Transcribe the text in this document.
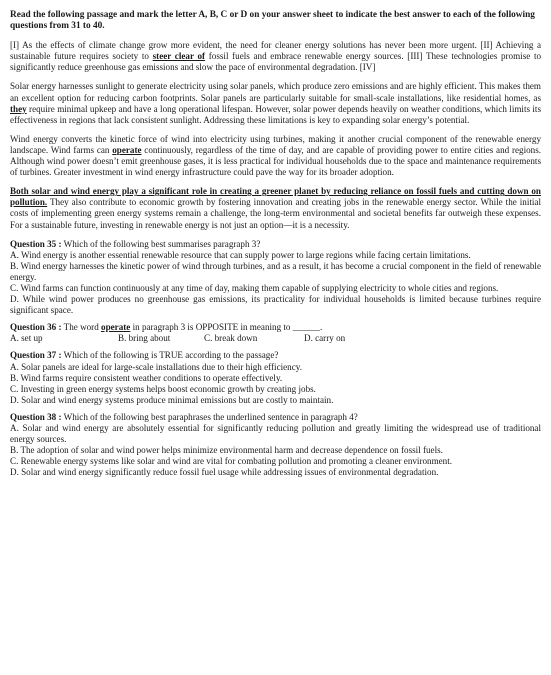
Read the following passage and mark the letter A, B, C or D on your answer sheet to indicate the best answer to each of the following questions from 31 to 40.

[I] As the effects of climate change grow more evident, the need for cleaner energy solutions has never been more urgent. [II] Achieving a sustainable future requires society to steer clear of fossil fuels and embrace renewable energy sources. [III] These technologies promise to significantly reduce greenhouse gas emissions and slow the pace of environmental degradation. [IV]

Solar energy harnesses sunlight to generate electricity using solar panels, which produce zero emissions and are highly efficient. This makes them an excellent option for reducing carbon footprints. Solar panels are particularly suitable for small-scale installations, like residential homes, as they require minimal upkeep and have a long operational lifespan. However, solar power depends heavily on weather conditions, which limits its effectiveness in regions that lack consistent sunlight. Addressing these limitations is key to expanding solar energy’s potential.

Wind energy converts the kinetic force of wind into electricity using turbines, making it another crucial component of the renewable energy landscape. Wind farms can operate continuously, regardless of the time of day, and are capable of providing power to entire cities and regions. Although wind power doesn’t emit greenhouse gases, it is less practical for individual households due to the space and maintenance requirements of turbines. Greater investment in wind energy infrastructure could pave the way for its broader adoption.

Both solar and wind energy play a significant role in creating a greener planet by reducing reliance on fossil fuels and cutting down on pollution. They also contribute to economic growth by fostering innovation and creating jobs in the renewable energy sector. While the initial costs of implementing green energy systems remain a challenge, the long-term environmental and societal benefits far outweigh these expenses. For a sustainable future, investing in renewable energy is not just an option—it is a necessity.

Question 35 : Which of the following best summarises paragraph 3?

A. Wind energy is another essential renewable resource that can supply power to large regions while facing certain limitations.

B. Wind energy harnesses the kinetic power of wind through turbines, and as a result, it has become a crucial component in the field of renewable energy.

C. Wind farms can function continuously at any time of day, making them capable of supplying electricity to whole cities and regions.

D. While wind power produces no greenhouse gas emissions, its practicality for individual households is limited because turbines require significant space.

Question 36 : The word operate in paragraph 3 is OPPOSITE in meaning to ______.

A. set up	B. bring about	C. break down	D. carry on

Question 37 : Which of the following is TRUE according to the passage?

A. Solar panels are ideal for large-scale installations due to their high efficiency.

B. Wind farms require consistent weather conditions to operate effectively.

C. Investing in green energy systems helps boost economic growth by creating jobs.

D. Solar and wind energy systems produce minimal emissions but are costly to maintain.

Question 38 : Which of the following best paraphrases the underlined sentence in paragraph 4?

A. Solar and wind energy are absolutely essential for significantly reducing pollution and greatly limiting the widespread use of traditional energy sources.

B. The adoption of solar and wind power helps minimize environmental harm and decrease dependence on fossil fuels.

C. Renewable energy systems like solar and wind are vital for combating pollution and promoting a cleaner environment.

D. Solar and wind energy significantly reduce fossil fuel usage while addressing issues of environmental degradation.
